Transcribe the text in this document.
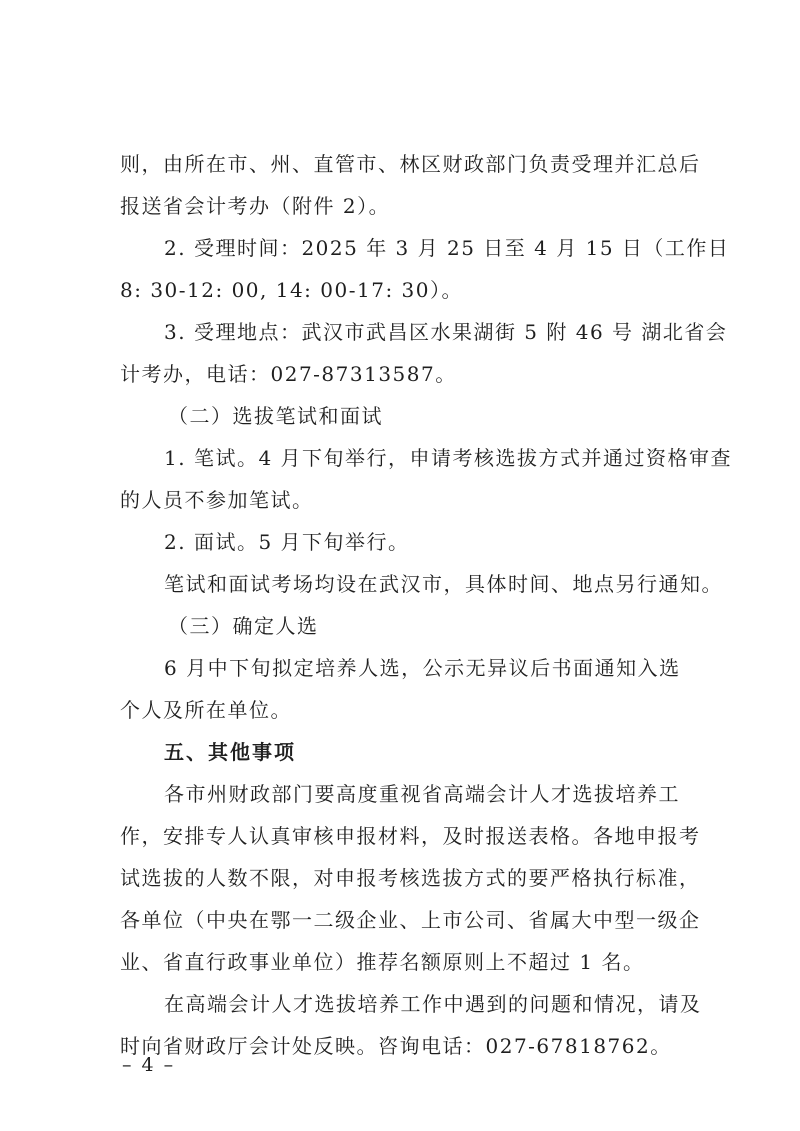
则，由所在市、州、直管市、林区财政部门负责受理并汇总后
报送省会计考办（附件 2）。
2. 受理时间：2025 年 3 月 25 日至 4 月 15 日（工作日
8: 30-12: 00, 14: 00-17: 30）。
3. 受理地点：武汉市武昌区水果湖街 5 附 46 号 湖北省会
计考办，电话：027-87313587。
（二）选拔笔试和面试
1. 笔试。4 月下旬举行，申请考核选拔方式并通过资格审查
的人员不参加笔试。
2. 面试。5 月下旬举行。
笔试和面试考场均设在武汉市，具体时间、地点另行通知。
（三）确定人选
6 月中下旬拟定培养人选，公示无异议后书面通知入选
个人及所在单位。
五、其他事项
各市州财政部门要高度重视省高端会计人才选拔培养工
作，安排专人认真审核申报材料，及时报送表格。各地申报考
试选拔的人数不限，对申报考核选拔方式的要严格执行标准，
各单位（中央在鄂一二级企业、上市公司、省属大中型一级企
业、省直行政事业单位）推荐名额原则上不超过 1 名。
在高端会计人才选拔培养工作中遇到的问题和情况，请及
时向省财政厅会计处反映。咨询电话：027-67818762。
– 4 –
